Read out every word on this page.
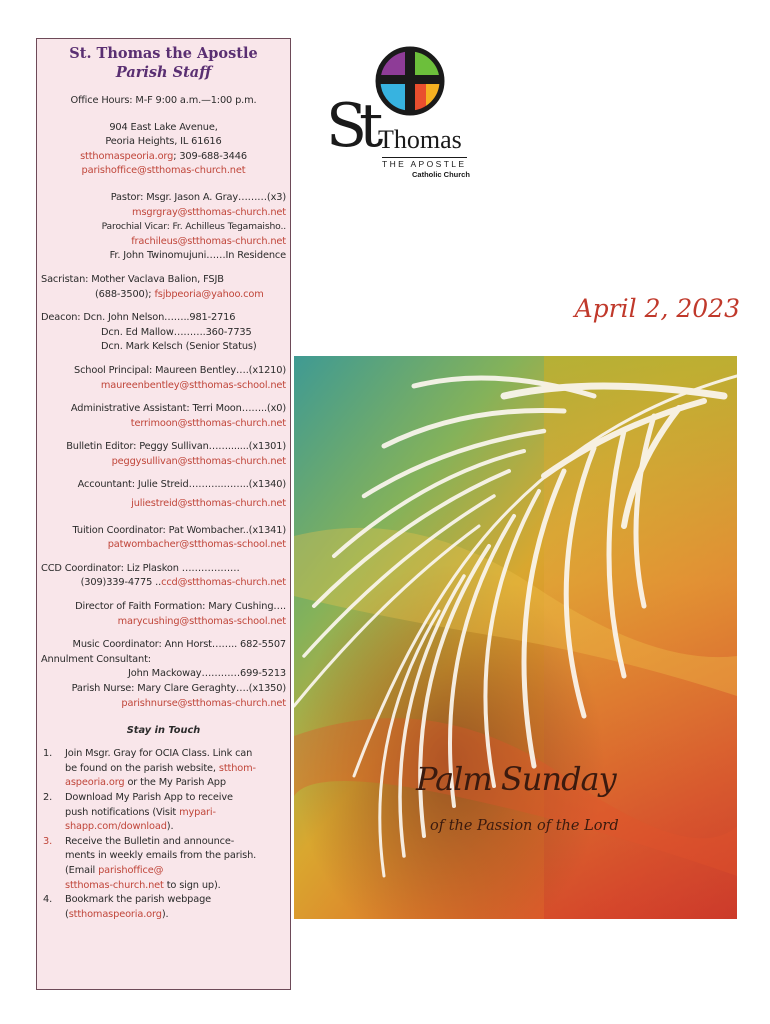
St. Thomas the Apostle
Parish Staff
Office Hours: M-F 9:00 a.m.—1:00 p.m.
904 East Lake Avenue,
Peoria Heights, IL 61616
stthomaspeoria.org; 309-688-3446
parishoffice@stthomas-church.net
Pastor: Msgr. Jason A. Gray………(x3)
msgrgray@stthomas-church.net
Parochial Vicar: Fr. Achilleus Tegamaisho..
frachileus@stthomas-church.net
Fr. John Twinomujuni……In Residence
Sacristan: Mother Vaclava Balion, FSJB
(688-3500); fsjbpeoria@yahoo.com
Deacon: Dcn. John Nelson……..981-2716
Dcn. Ed Mallow……….360-7735
Dcn. Mark Kelsch (Senior Status)
School Principal: Maureen Bentley….(x1210)
maureenbentley@stthomas-school.net
Administrative Assistant: Terri Moon……..(x0)
terrimoon@stthomas-church.net
Bulletin Editor: Peggy Sullivan…….......(x1301)
peggysullivan@stthomas-church.net
Accountant: Julie Streid………..……..(x1340)
juliestreid@stthomas-church.net
Tuition Coordinator: Pat Wombacher..(x1341)
patwombacher@stthomas-school.net
CCD Coordinator: Liz Plaskon ………………
(309)339-4775 ..ccd@stthomas-church.net
Director of Faith Formation: Mary Cushing….
marycushing@stthomas-school.net
Music Coordinator: Ann Horst…….. 682-5507
Annulment Consultant:
John Mackoway…………699-5213
Parish Nurse: Mary Clare Geraghty….(x1350)
parishnurse@stthomas-church.net
Stay in Touch
1. Join Msgr. Gray for OCIA Class. Link can
be found on the parish website, stthom-
aspeoria.org or the My Parish App
2. Download My Parish App to receive
push notifications (Visit mypari-
shapp.com/download).
3. Receive the Bulletin and announce-
ments in weekly emails from the parish.
(Email parishoffice@
stthomas-church.net to sign up).
4. Bookmark the parish webpage
(stthomaspeoria.org).
St Thomas
THE APOSTLE
Catholic Church
April 2, 2023
Palm Sunday
of the Passion of the Lord
